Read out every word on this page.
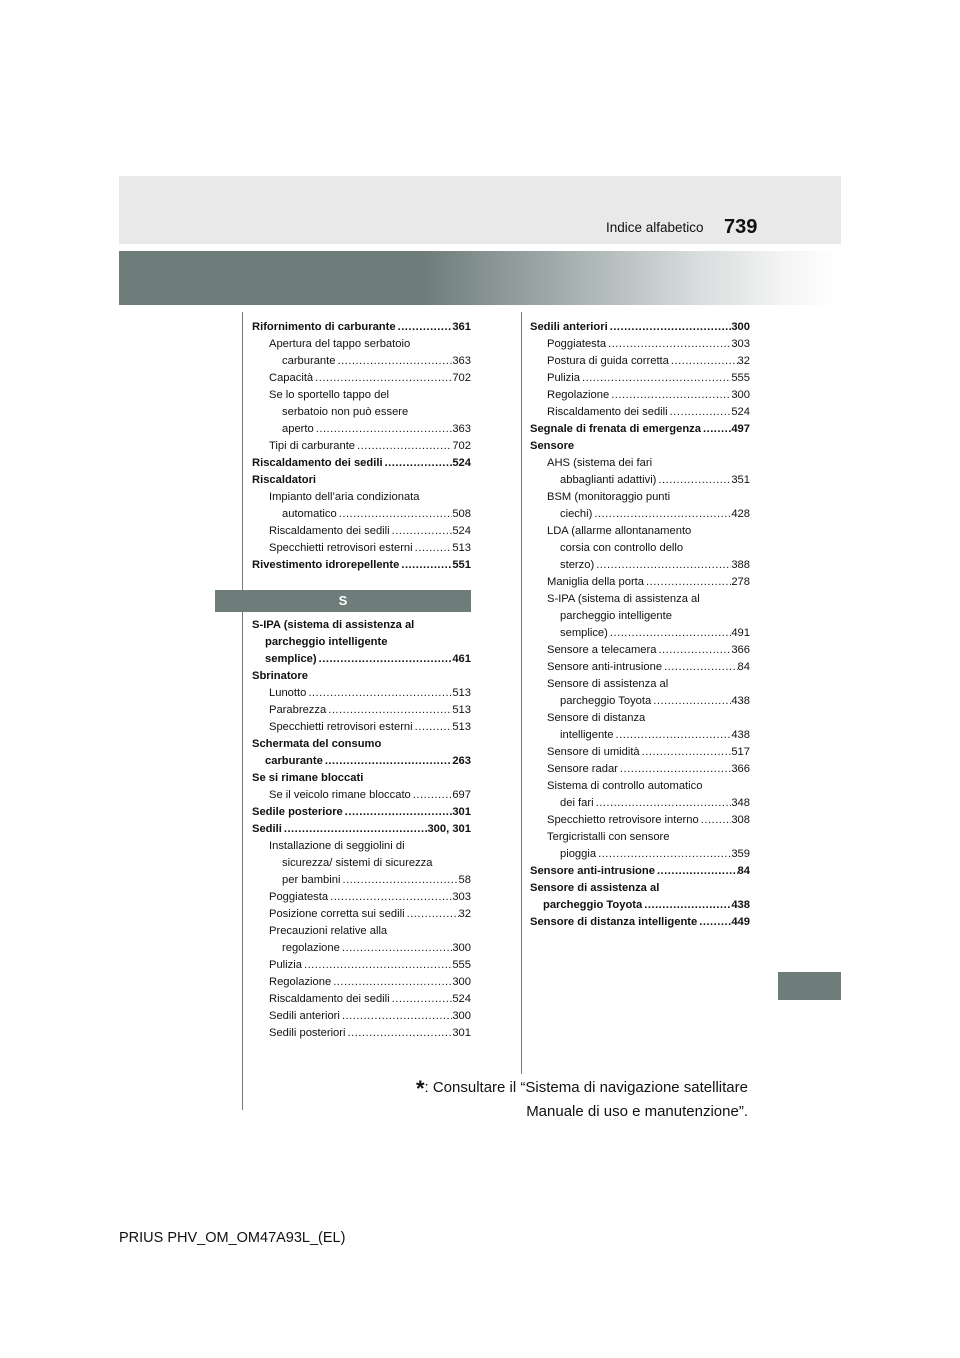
739
Indice alfabetico
Rifornimento di carburante .....	361
Apertura del tappo serbatoio
carburante .....	363
Capacità .....	702
Se lo sportello tappo del
serbatoio non può essere
aperto .....	363
Tipi di carburante .....	702
Riscaldamento dei sedili .....	524
Riscaldatori
Impianto dell’aria condizionata
automatico .....	508
Riscaldamento dei sedili .....	524
Specchietti retrovisori esterni .....	513
Rivestimento idrorepellente .....	551
S
S-IPA (sistema di assistenza al
parcheggio intelligente
semplice) .....	461
Sbrinatore
Lunotto .....	513
Parabrezza .....	513
Specchietti retrovisori esterni .....	513
Schermata del consumo
carburante .....	263
Se si rimane bloccati
Se il veicolo rimane bloccato .....	697
Sedile posteriore .....	301
Sedili .....	300, 301
Installazione di seggiolini di
sicurezza/ sistemi di sicurezza
per bambini .....	58
Poggiatesta .....	303
Posizione corretta sui sedili .....	32
Precauzioni relative alla
regolazione .....	300
Pulizia .....	555
Regolazione .....	300
Riscaldamento dei sedili .....	524
Sedili anteriori .....	300
Sedili posteriori .....	301
Sedili anteriori .....	300
Poggiatesta .....	303
Postura di guida corretta .....	32
Pulizia .....	555
Regolazione .....	300
Riscaldamento dei sedili .....	524
Segnale di frenata di emergenza .....	497
Sensore
AHS (sistema dei fari
abbaglianti adattivi) .....	351
BSM (monitoraggio punti
ciechi) .....	428
LDA (allarme allontanamento
corsia con controllo dello
sterzo) .....	388
Maniglia della porta .....	278
S-IPA (sistema di assistenza al
parcheggio intelligente
semplice) .....	491
Sensore a telecamera .....	366
Sensore anti-intrusione .....	84
Sensore di assistenza al
parcheggio Toyota .....	438
Sensore di distanza
intelligente .....	438
Sensore di umidità .....	517
Sensore radar .....	366
Sistema di controllo automatico
dei fari .....	348
Specchietto retrovisore interno .....	308
Tergicristalli con sensore
pioggia .....	359
Sensore anti-intrusione .....	84
Sensore di assistenza al
parcheggio Toyota .....	438
Sensore di distanza intelligente .....	449
*: Consultare il “Sistema di navigazione satellitare
Manuale di uso e manutenzione”.
PRIUS PHV_OM_OM47A93L_(EL)
